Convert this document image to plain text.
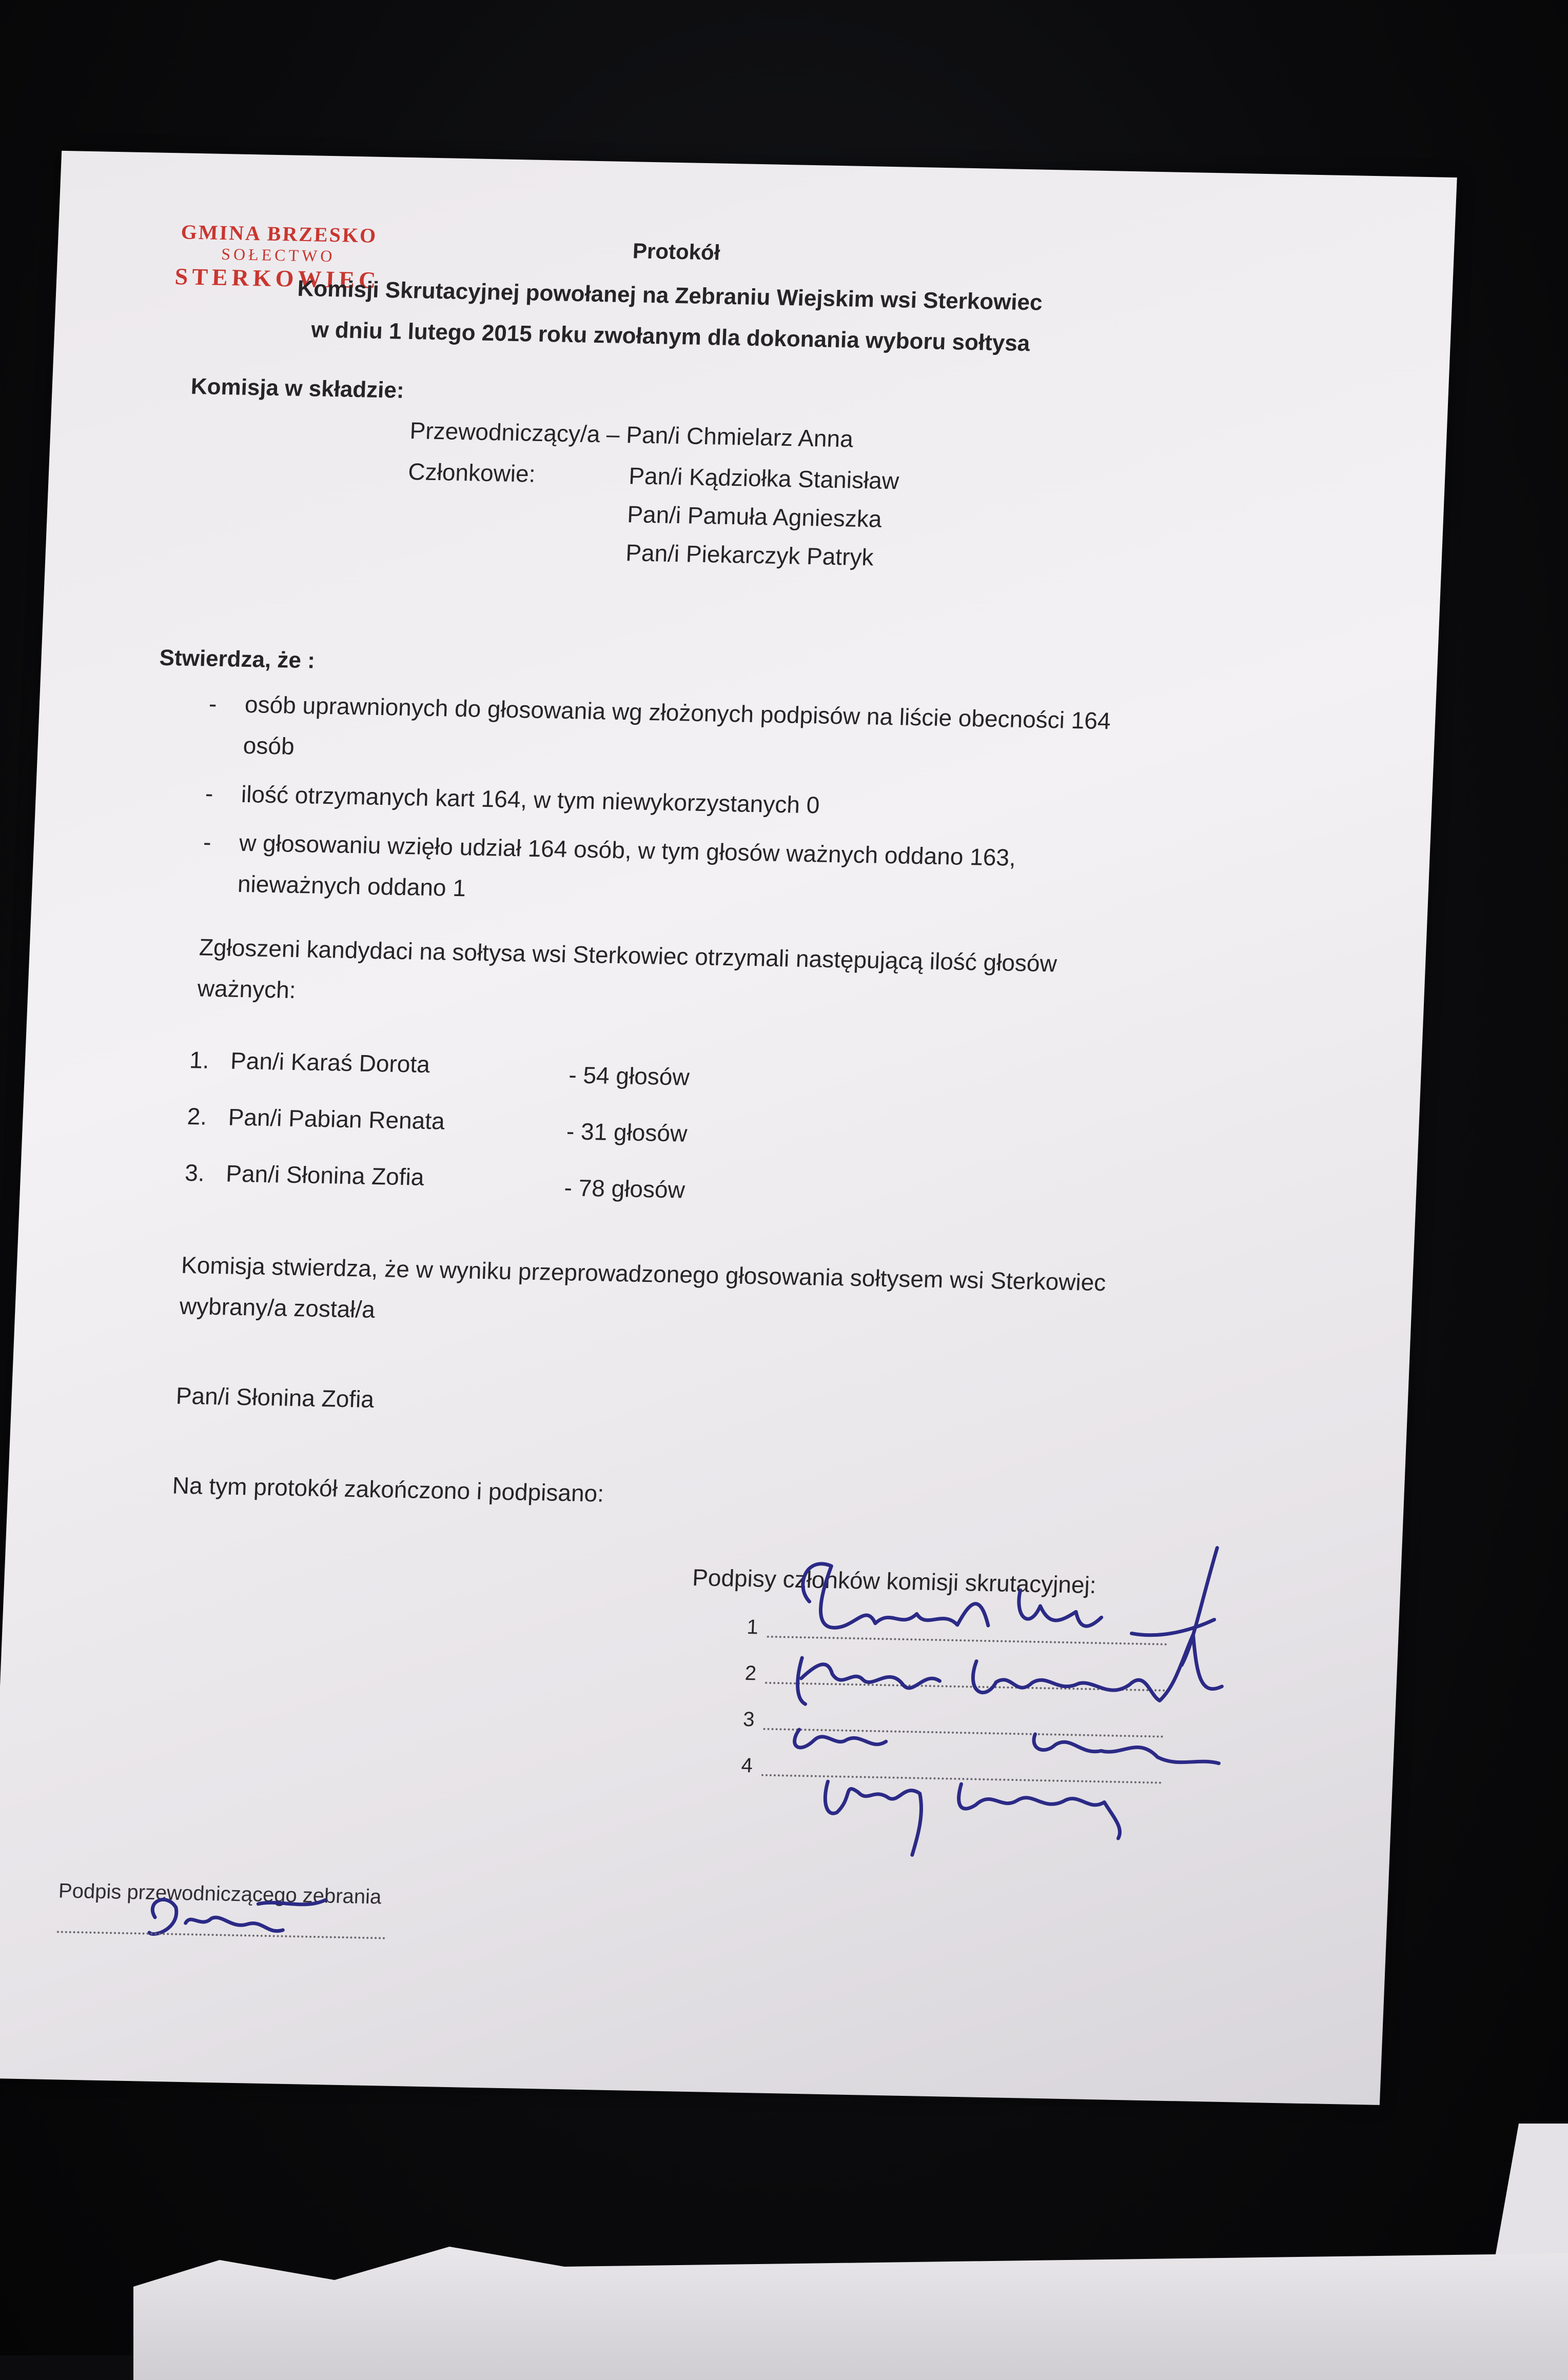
GMINA BRZESKO
SOŁECTWO
STERKOWIEC
Protokół
Komisji Skrutacyjnej powołanej na Zebraniu Wiejskim wsi Sterkowiec
w dniu 1 lutego 2015 roku zwołanym dla dokonania wyboru sołtysa
Komisja w składzie:
Przewodniczący/a – Pan/i Chmielarz Anna
Członkowie:	Pan/i Kądziołka Stanisław
Pan/i Pamuła Agnieszka
Pan/i Piekarczyk Patryk
Stwierdza, że :
- osób uprawnionych do głosowania wg złożonych podpisów na liście obecności 164
osób
- ilość otrzymanych kart 164, w tym niewykorzystanych 0
- w głosowaniu wzięło udział 164 osób, w tym głosów ważnych oddano 163,
nieważnych oddano 1
Zgłoszeni kandydaci na sołtysa wsi Sterkowiec otrzymali następującą ilość głosów
ważnych:
1. Pan/i Karaś Dorota	- 54 głosów
2. Pan/i Pabian Renata	- 31 głosów
3. Pan/i Słonina Zofia	- 78 głosów
Komisja stwierdza, że w wyniku przeprowadzonego głosowania sołtysem wsi Sterkowiec
wybrany/a został/a
Pan/i Słonina Zofia
Na tym protokół zakończono i podpisano:
Podpisy członków komisji skrutacyjnej:
1
2
3
4
Podpis przewodniczącego zebrania
